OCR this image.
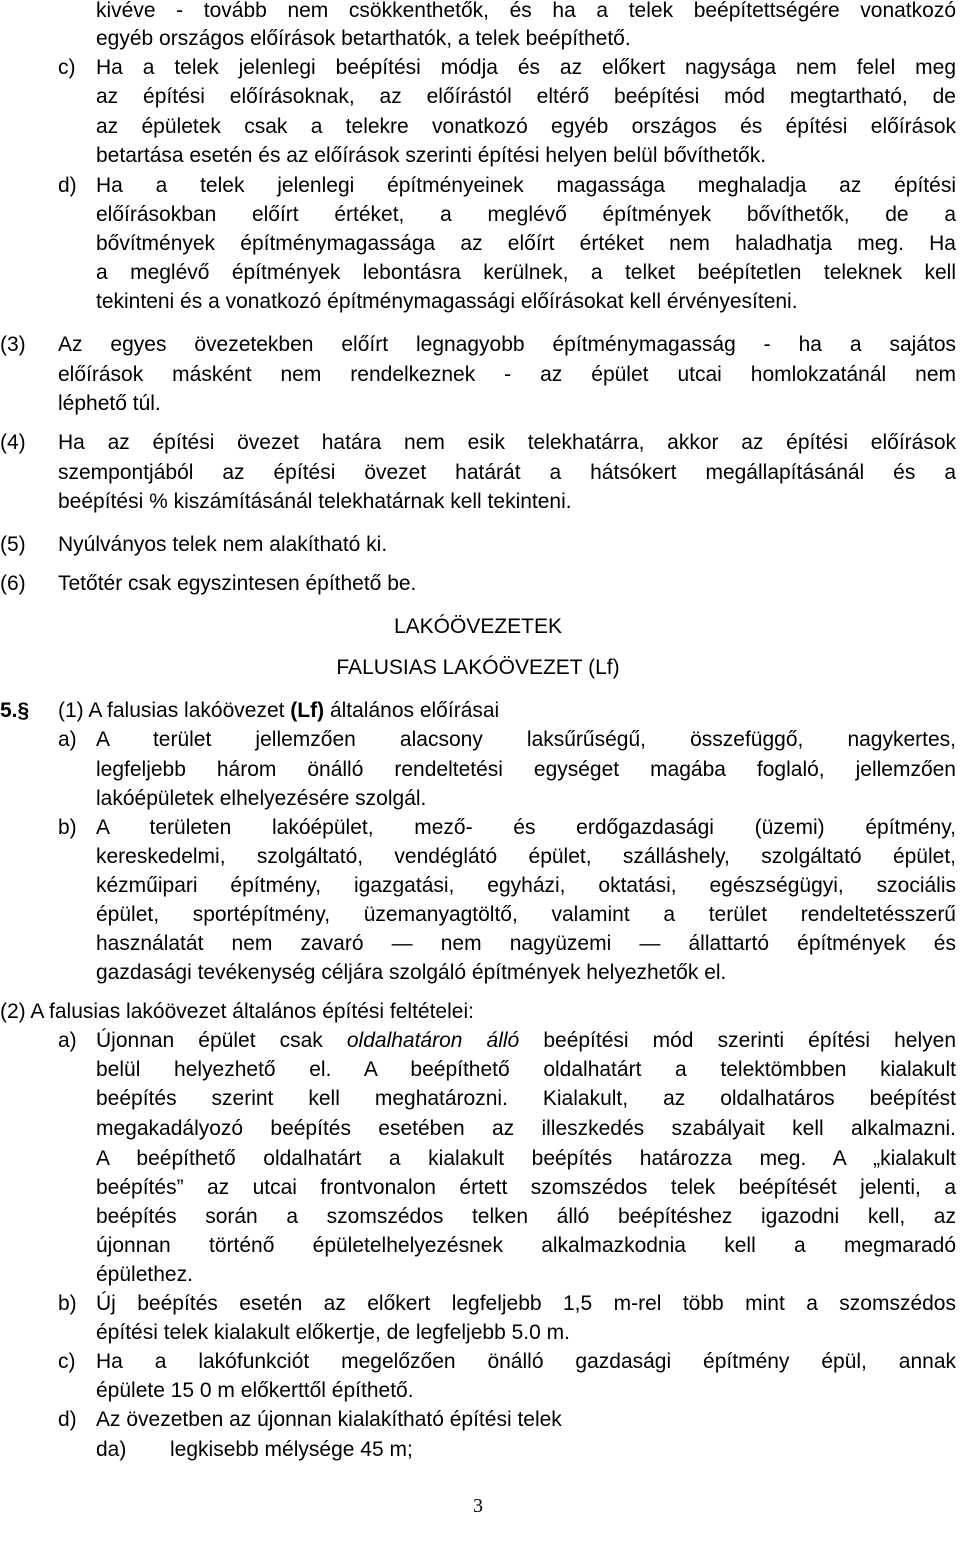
kivéve - tovább nem csökkenthetők, és ha a telek beépítettségére vonatkozó
egyéb országos előírások betarthatók, a telek beépíthető.
c) Ha a telek jelenlegi beépítési módja és az előkert nagysága nem felel meg
az építési előírásoknak, az előírástól eltérő beépítési mód megtartható, de
az épületek csak a telekre vonatkozó egyéb országos és építési előírások
betartása esetén és az előírások szerinti építési helyen belül bővíthetők.
d) Ha a telek jelenlegi építményeinek magassága meghaladja az építési
előírásokban előírt értéket, a meglévő építmények bővíthetők, de a
bővítmények építménymagassága az előírt értéket nem haladhatja meg. Ha
a meglévő építmények lebontásra kerülnek, a telket beépítetlen teleknek kell
tekinteni és a vonatkozó építménymagassági előírásokat kell érvényesíteni.
(3) Az egyes övezetekben előírt legnagyobb építménymagasság - ha a sajátos
előírások másként nem rendelkeznek - az épület utcai homlokzatánál nem
léphető túl.
(4) Ha az építési övezet határa nem esik telekhatárra, akkor az építési előírások
szempontjából az építési övezet határát a hátsókert megállapításánál és a
beépítési % kiszámításánál telekhatárnak kell tekinteni.
(5) Nyúlványos telek nem alakítható ki.
(6) Tetőtér csak egyszintesen építhető be.
LAKÓÖVEZETEK
FALUSIAS LAKÓÖVEZET (Lf)
5.§ (1) A falusias lakóövezet (Lf) általános előírásai
a) A terület jellemzően alacsony laksűrűségű, összefüggő, nagykertes,
legfeljebb három önálló rendeltetési egységet magába foglaló, jellemzően
lakóépületek elhelyezésére szolgál.
b) A területen lakóépület, mező- és erdőgazdasági (üzemi) építmény,
kereskedelmi, szolgáltató, vendéglátó épület, szálláshely, szolgáltató épület,
kézműipari építmény, igazgatási, egyházi, oktatási, egészségügyi, szociális
épület, sportépítmény, üzemanyagtöltő, valamint a terület rendeltetésszerű
használatát nem zavaró — nem nagyüzemi — állattartó építmények és
gazdasági tevékenység céljára szolgáló építmények helyezhetők el.
(2) A falusias lakóövezet általános építési feltételei:
a) Újonnan épület csak oldalhatáron álló beépítési mód szerinti építési helyen
belül helyezhető el. A beépíthető oldalhatárt a telektömbben kialakult
beépítés szerint kell meghatározni. Kialakult, az oldalhatáros beépítést
megakadályozó beépítés esetében az illeszkedés szabályait kell alkalmazni.
A beépíthető oldalhatárt a kialakult beépítés határozza meg. A „kialakult
beépítés” az utcai frontvonalon értett szomszédos telek beépítését jelenti, a
beépítés során a szomszédos telken álló beépítéshez igazodni kell, az
újonnan történő épületelhelyezésnek alkalmazkodnia kell a megmaradó
épülethez.
b) Új beépítés esetén az előkert legfeljebb 1,5 m-rel több mint a szomszédos
építési telek kialakult előkertje, de legfeljebb 5.0 m.
c) Ha a lakófunkciót megelőzően önálló gazdasági építmény épül, annak
épülete 15 0 m előkerttől építhető.
d) Az övezetben az újonnan kialakítható építési telek
da) legkisebb mélysége 45 m;
3
